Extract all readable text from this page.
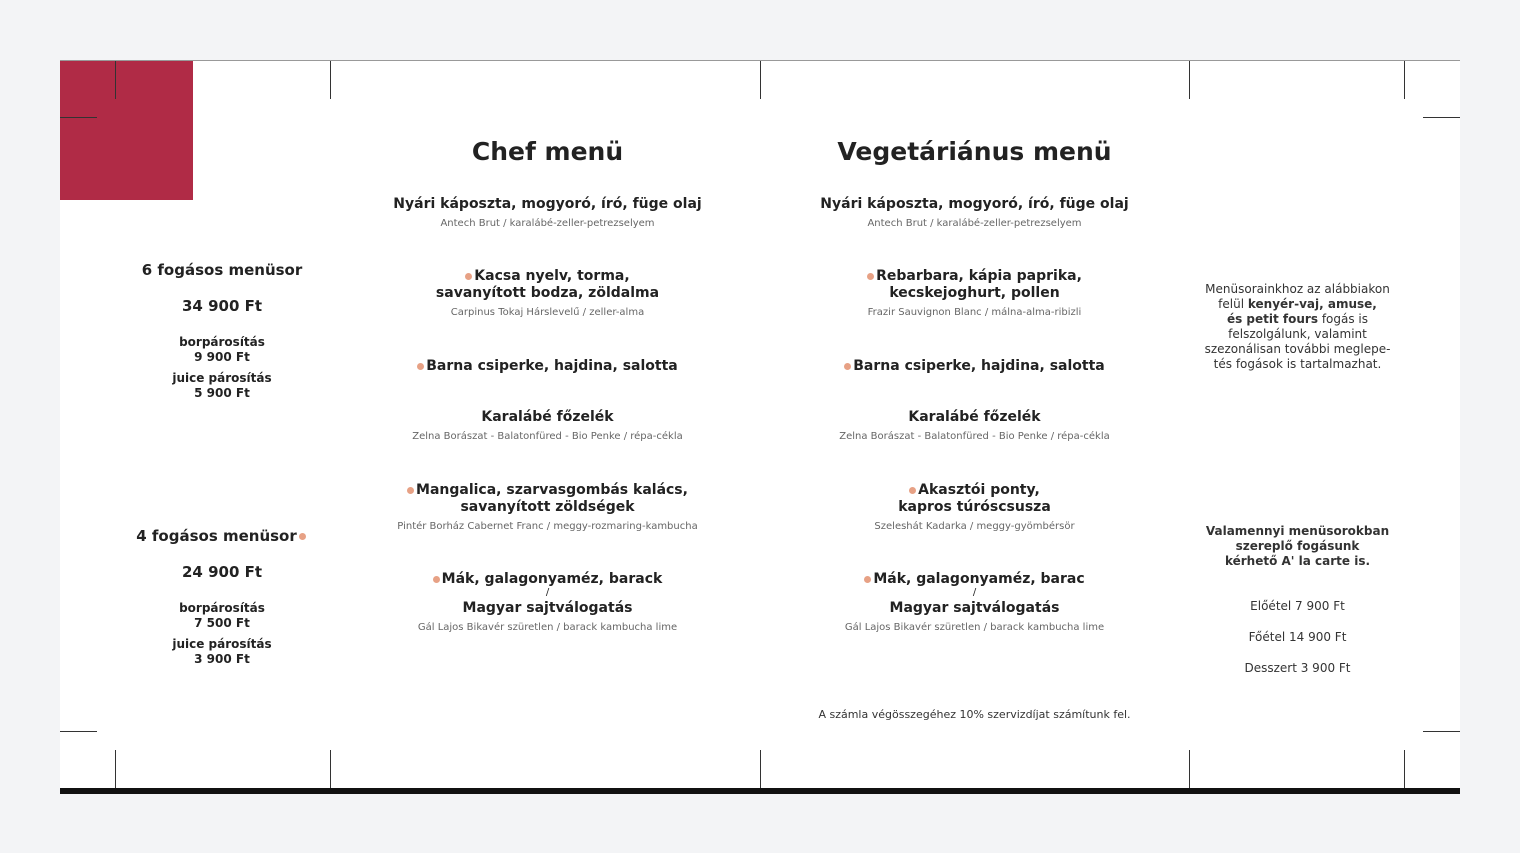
6 fogásos menüsor
34 900 Ft
borpárosítás
9 900 Ft
juice párosítás
5 900 Ft
4 fogásos menüsor
24 900 Ft
borpárosítás
7 500 Ft
juice párosítás
3 900 Ft
Chef menü
Nyári káposzta, mogyoró, író, füge olaj
Antech Brut / karalábé-zeller-petrezselyem
Kacsa nyelv, torma,
savanyított bodza, zöldalma
Carpinus Tokaj Hárslevelű / zeller-alma
Barna csiperke, hajdina, salotta
Karalábé főzelék
Zelna Borászat - Balatonfüred - Bio Penke / répa-cékla
Mangalica, szarvasgombás kalács,
savanyított zöldségek
Pintér Borház Cabernet Franc / meggy-rozmaring-kambucha
Mák, galagonyaméz, barack
/
Magyar sajtválogatás
Gál Lajos Bikavér szüretlen / barack kambucha lime
Vegetáriánus menü
Nyári káposzta, mogyoró, író, füge olaj
Antech Brut / karalábé-zeller-petrezselyem
Rebarbara, kápia paprika,
kecskejoghurt, pollen
Frazir Sauvignon Blanc / málna-alma-ribizli
Barna csiperke, hajdina, salotta
Karalábé főzelék
Zelna Borászat - Balatonfüred - Bio Penke / répa-cékla
Akasztói ponty,
kapros túróscsusza
Szeleshát Kadarka / meggy-gyömbérsör
Mák, galagonyaméz, barac
/
Magyar sajtválogatás
Gál Lajos Bikavér szüretlen / barack kambucha lime
A számla végösszegéhez 10% szervizdíjat számítunk fel.
Menüsorainkhoz az alábbiakon
felül kenyér-vaj, amuse,
és petit fours fogás is
felszolgálunk, valamint
szezonálisan további meglepe-
tés fogások is tartalmazhat.
Valamennyi menüsorokban
szereplő fogásunk
kérhető A' la carte is.
Előétel 7 900 Ft
Főétel 14 900 Ft
Desszert 3 900 Ft
